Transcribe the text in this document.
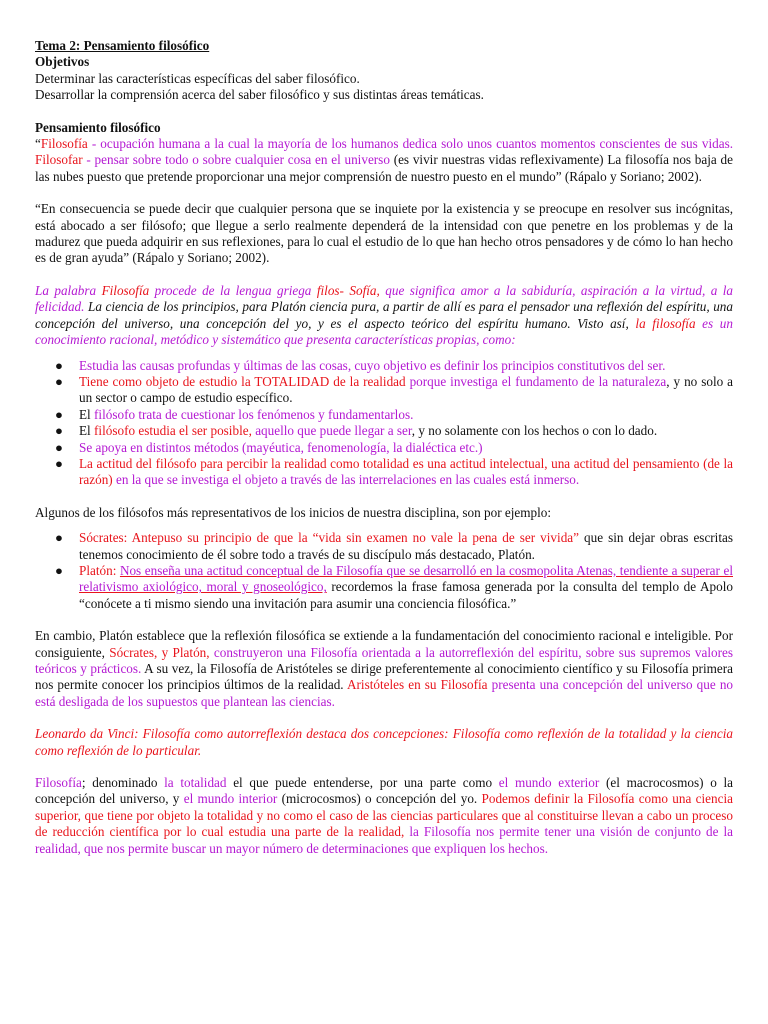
Tema 2: Pensamiento filosófico
Objetivos
Determinar las características específicas del saber filosófico.
Desarrollar la comprensión acerca del saber filosófico y sus distintas áreas temáticas.
Pensamiento filosófico

“Filosofía - ocupación humana a la cual la mayoría de los humanos dedica solo unos cuantos momentos conscientes de sus vidas. Filosofar - pensar sobre todo o sobre cualquier cosa en el universo (es vivir nuestras vidas reflexivamente) La filosofía nos baja de las nubes puesto que pretende proporcionar una mejor comprensión de nuestro puesto en el mundo” (Rápalo y Soriano; 2002).

“En consecuencia se puede decir que cualquier persona que se inquiete por la existencia y se preocupe en resolver sus incógnitas, está abocado a ser filósofo; que llegue a serlo realmente dependerá de la intensidad con que penetre en los problemas y de la madurez que pueda adquirir en sus reflexiones, para lo cual el estudio de lo que han hecho otros pensadores y de cómo lo han hecho es de gran ayuda” (Rápalo y Soriano; 2002).

La palabra Filosofía procede de la lengua griega filos- Sofía, que significa amor a la sabiduría, aspiración a la virtud, a la felicidad. La ciencia de los principios, para Platón ciencia pura, a partir de allí es para el pensador una reflexión del espíritu, una concepción del universo, una concepción del yo, y es el aspecto teórico del espíritu humano. Visto así, la filosofía es un conocimiento racional, metódico y sistemático que presenta características propias, como:

● Estudia las causas profundas y últimas de las cosas, cuyo objetivo es definir los principios constitutivos del ser.
● Tiene como objeto de estudio la TOTALIDAD de la realidad porque investiga el fundamento de la naturaleza, y no solo a un sector o campo de estudio específico.
● El filósofo trata de cuestionar los fenómenos y fundamentarlos.
● El filósofo estudia el ser posible, aquello que puede llegar a ser, y no solamente con los hechos o con lo dado.
● Se apoya en distintos métodos (mayéutica, fenomenología, la dialéctica etc.)
● La actitud del filósofo para percibir la realidad como totalidad es una actitud intelectual, una actitud del pensamiento (de la razón) en la que se investiga el objeto a través de las interrelaciones en las cuales está inmerso.

Algunos de los filósofos más representativos de los inicios de nuestra disciplina, son por ejemplo:

● Sócrates: Antepuso su principio de que la “vida sin examen no vale la pena de ser vivida” que sin dejar obras escritas tenemos conocimiento de él sobre todo a través de su discípulo más destacado, Platón.
● Platón: Nos enseña una actitud conceptual de la Filosofía que se desarrolló en la cosmopolita Atenas, tendiente a superar el relativismo axiológico, moral y gnoseológico, recordemos la frase famosa generada por la consulta del templo de Apolo “conócete a ti mismo siendo una invitación para asumir una conciencia filosófica.”

En cambio, Platón establece que la reflexión filosófica se extiende a la fundamentación del conocimiento racional e inteligible. Por consiguiente, Sócrates, y Platón, construyeron una Filosofía orientada a la autorreflexión del espíritu, sobre sus supremos valores teóricos y prácticos. A su vez, la Filosofía de Aristóteles se dirige preferentemente al conocimiento científico y su Filosofía primera nos permite conocer los principios últimos de la realidad. Aristóteles en su Filosofía presenta una concepción del universo que no está desligada de los supuestos que plantean las ciencias.

Leonardo da Vinci: Filosofía como autorreflexión destaca dos concepciones: Filosofía como reflexión de la totalidad y la ciencia como reflexión de lo particular.

Filosofía; denominado la totalidad el que puede entenderse, por una parte como el mundo exterior (el macrocosmos) o la concepción del universo, y el mundo interior (microcosmos) o concepción del yo. Podemos definir la Filosofía como una ciencia superior, que tiene por objeto la totalidad y no como el caso de las ciencias particulares que al constituirse llevan a cabo un proceso de reducción científica por lo cual estudia una parte de la realidad, la Filosofía nos permite tener una visión de conjunto de la realidad, que nos permite buscar un mayor número de determinaciones que expliquen los hechos.
